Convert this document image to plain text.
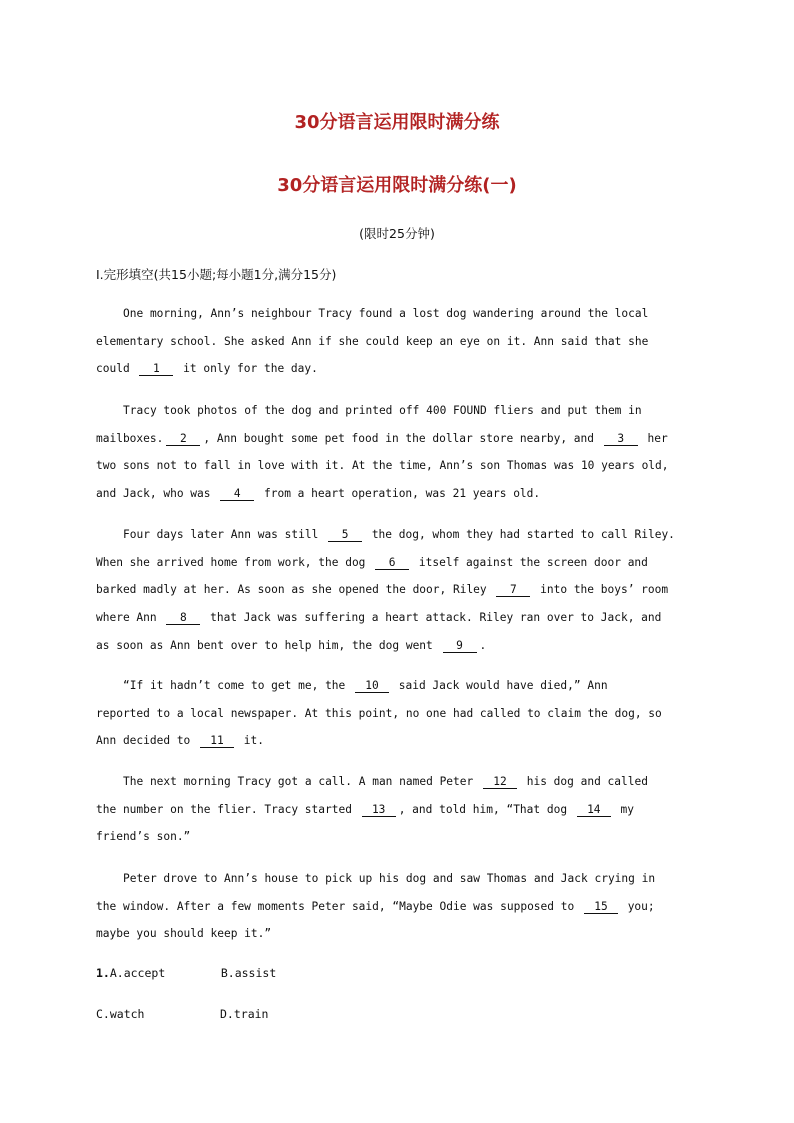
30分语言运用限时满分练
30分语言运用限时满分练(一)
(限时25分钟)
Ⅰ.完形填空(共15小题;每小题1分,满分15分)
One morning, Ann’s neighbour Tracy found a lost dog wandering around the local
elementary school. She asked Ann if she could keep an eye on it. Ann said that she
could 1 it only for the day.
Tracy took photos of the dog and printed off 400 FOUND fliers and put them in
mailboxes. 2 , Ann bought some pet food in the dollar store nearby, and 3 her
two sons not to fall in love with it. At the time, Ann’s son Thomas was 10 years old,
and Jack, who was 4 from a heart operation, was 21 years old.
Four days later Ann was still 5 the dog, whom they had started to call Riley.
When she arrived home from work, the dog 6 itself against the screen door and
barked madly at her. As soon as she opened the door, Riley 7 into the boys’ room
where Ann 8 that Jack was suffering a heart attack. Riley ran over to Jack, and
as soon as Ann bent over to help him, the dog went 9 .
“If it hadn’t come to get me, the 10 said Jack would have died,” Ann
reported to a local newspaper. At this point, no one had called to claim the dog, so
Ann decided to 11 it.
The next morning Tracy got a call. A man named Peter 12 his dog and called
the number on the flier. Tracy started 13 , and told him, “That dog 14 my
friend’s son.”
Peter drove to Ann’s house to pick up his dog and saw Thomas and Jack crying in
the window. After a few moments Peter said, “Maybe Odie was supposed to 15 you;
maybe you should keep it.”
1.A.accept	B.assist
C.watch	D.train
